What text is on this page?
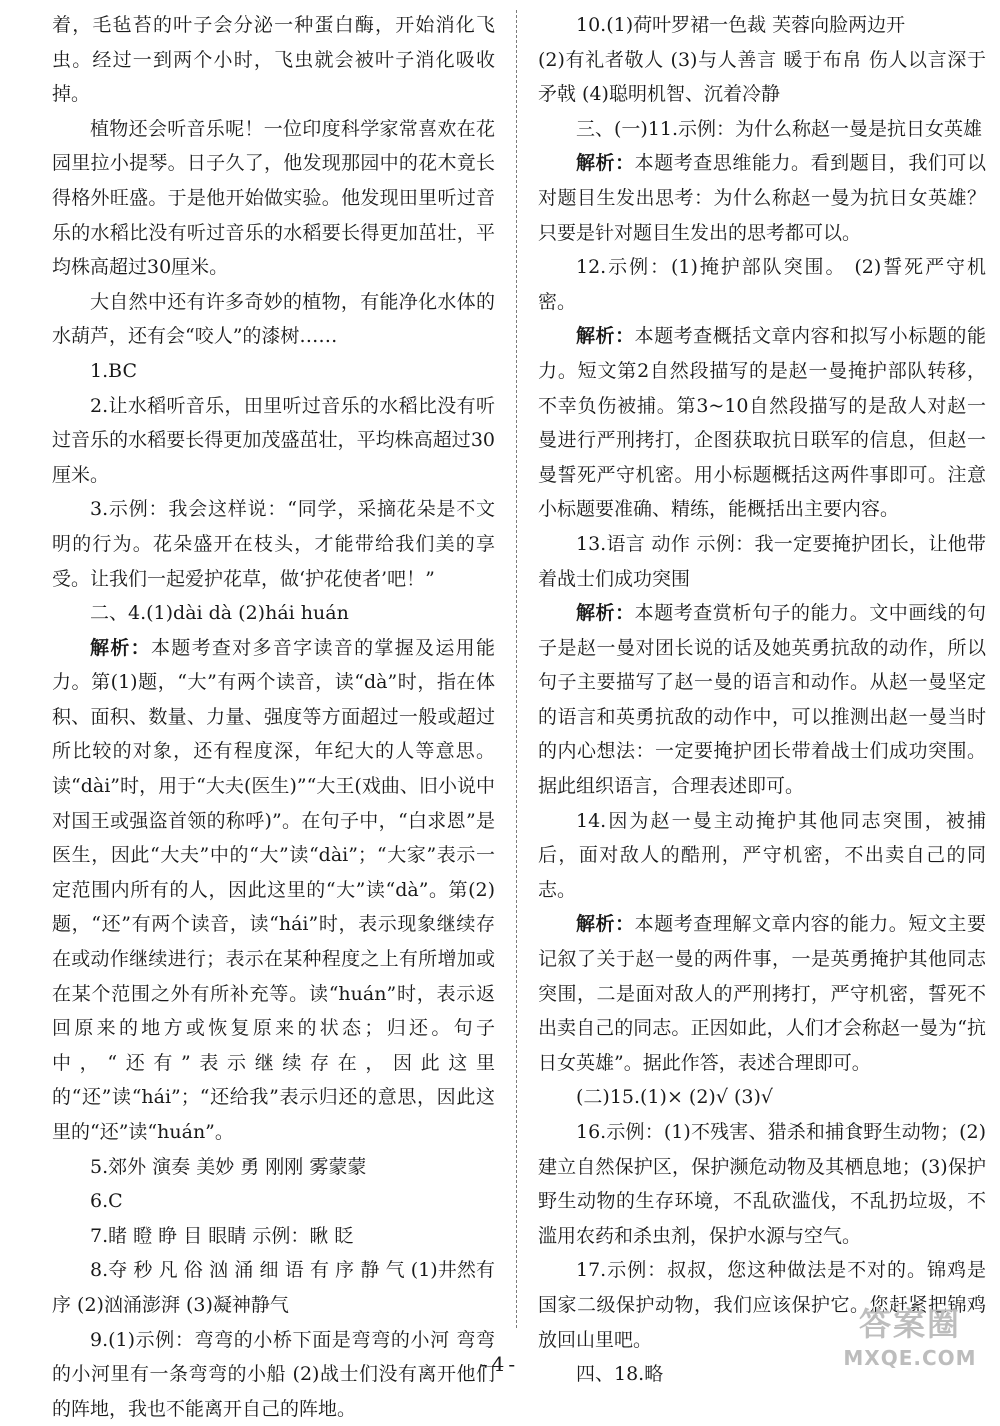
着，毛毡苔的叶子会分泌一种蛋白酶，开始消化飞虫。经过一到两个小时，飞虫就会被叶子消化吸收掉。

植物还会听音乐呢！一位印度科学家常喜欢在花园里拉小提琴。日子久了，他发现那园中的花木竟长得格外旺盛。于是他开始做实验。他发现田里听过音乐的水稻比没有听过音乐的水稻要长得更加茁壮，平均株高超过30厘米。

大自然中还有许多奇妙的植物，有能净化水体的水葫芦，还有会“咬人”的漆树……

1.BC

2.让水稻听音乐，田里听过音乐的水稻比没有听过音乐的水稻要长得更加茂盛茁壮，平均株高超过30厘米。

3.示例：我会这样说：“同学，采摘花朵是不文明的行为。花朵盛开在枝头，才能带给我们美的享受。让我们一起爱护花草，做‘护花使者’吧！”

二、4.(1)dài dà (2)hái huán

解析：本题考查对多音字读音的掌握及运用能力。第(1)题，“大”有两个读音，读“dà”时，指在体积、面积、数量、力量、强度等方面超过一般或超过所比较的对象，还有程度深，年纪大的人等意思。读“dài”时，用于“大夫(医生)”“大王(戏曲、旧小说中对国王或强盗首领的称呼)”。在句子中，“白求恩”是医生，因此“大夫”中的“大”读“dài”；“大家”表示一定范围内所有的人，因此这里的“大”读“dà”。第(2)题，“还”有两个读音，读“hái”时，表示现象继续存在或动作继续进行；表示在某种程度之上有所增加或在某个范围之外有所补充等。读“huán”时，表示返回原来的地方或恢复原来的状态；归还。句子中，“还有”表示继续存在，因此这里的“还”读“hái”；“还给我”表示归还的意思，因此这里的“还”读“huán”。

5.郊外 演奏 美妙 勇 刚刚 雾蒙蒙

6.C

7.睹 瞪 睁 目 眼睛 示例：瞅 眨

8.夺 秒 凡 俗 汹 涌 细 语 有 序 静 气 (1)井然有序 (2)汹涌澎湃 (3)凝神静气

9.(1)示例：弯弯的小桥下面是弯弯的小河 弯弯的小河里有一条弯弯的小船 (2)战士们没有离开他们的阵地，我也不能离开自己的阵地。

10.(1)荷叶罗裙一色裁 芙蓉向脸两边开

(2)有礼者敬人 (3)与人善言 暖于布帛 伤人以言深于矛戟 (4)聪明机智、沉着冷静

三、(一)11.示例：为什么称赵一曼是抗日女英雄

解析：本题考查思维能力。看到题目，我们可以对题目生发出思考：为什么称赵一曼为抗日女英雄？只要是针对题目生发出的思考都可以。

12.示例：(1)掩护部队突围。 (2)誓死严守机密。

解析：本题考查概括文章内容和拟写小标题的能力。短文第2自然段描写的是赵一曼掩护部队转移，不幸负伤被捕。第3~10自然段描写的是敌人对赵一曼进行严刑拷打，企图获取抗日联军的信息，但赵一曼誓死严守机密。用小标题概括这两件事即可。注意小标题要准确、精练，能概括出主要内容。

13.语言 动作 示例：我一定要掩护团长，让他带着战士们成功突围

解析：本题考查赏析句子的能力。文中画线的句子是赵一曼对团长说的话及她英勇抗敌的动作，所以句子主要描写了赵一曼的语言和动作。从赵一曼坚定的语言和英勇抗敌的动作中，可以推测出赵一曼当时的内心想法：一定要掩护团长带着战士们成功突围。据此组织语言，合理表述即可。

14.因为赵一曼主动掩护其他同志突围，被捕后，面对敌人的酷刑，严守机密，不出卖自己的同志。

解析：本题考查理解文章内容的能力。短文主要记叙了关于赵一曼的两件事，一是英勇掩护其他同志突围，二是面对敌人的严刑拷打，严守机密，誓死不出卖自己的同志。正因如此，人们才会称赵一曼为“抗日女英雄”。据此作答，表述合理即可。

(二)15.(1)× (2)√ (3)√

16.示例：(1)不残害、猎杀和捕食野生动物；(2)建立自然保护区，保护濒危动物及其栖息地；(3)保护野生动物的生存环境，不乱砍滥伐，不乱扔垃圾，不滥用农药和杀虫剂，保护水源与空气。

17.示例：叔叔，您这种做法是不对的。锦鸡是国家二级保护动物，我们应该保护它。您赶紧把锦鸡放回山里吧。

四、18.略

-4-
答案圈
MXQE.COM
